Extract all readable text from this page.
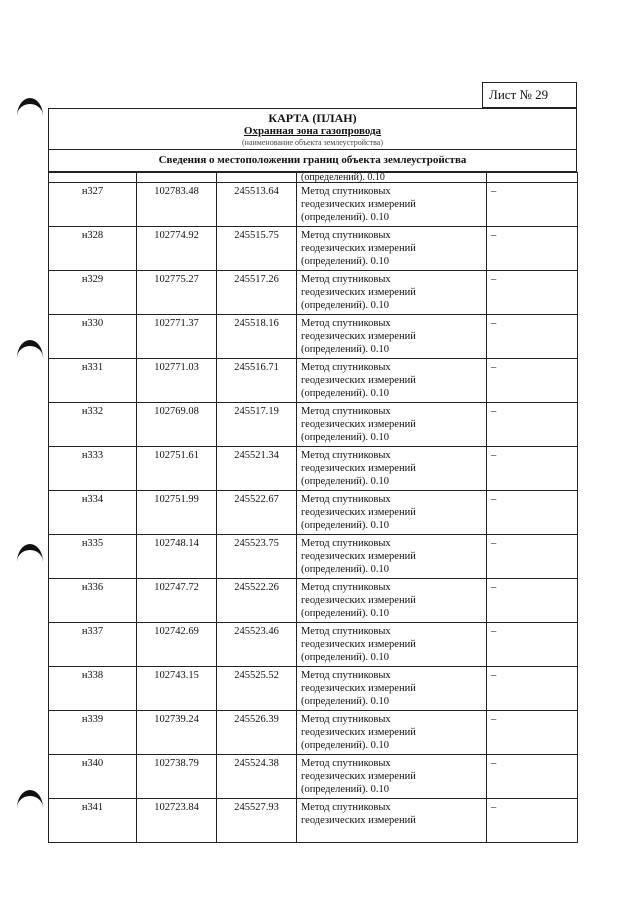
Лист № 29
КАРТА (ПЛАН)
Охранная зона газопровода
(наименование объекта землеустройства)
Сведения о местоположении границ объекта землеустройства
			(определений). 0.10	
н327	102783.48	245513.64	Метод спутниковых
геодезических измерений
(определений). 0.10	–
н328	102774.92	245515.75	Метод спутниковых
геодезических измерений
(определений). 0.10	–
н329	102775.27	245517.26	Метод спутниковых
геодезических измерений
(определений). 0.10	–
н330	102771.37	245518.16	Метод спутниковых
геодезических измерений
(определений). 0.10	–
н331	102771.03	245516.71	Метод спутниковых
геодезических измерений
(определений). 0.10	–
н332	102769.08	245517.19	Метод спутниковых
геодезических измерений
(определений). 0.10	–
н333	102751.61	245521.34	Метод спутниковых
геодезических измерений
(определений). 0.10	–
н334	102751.99	245522.67	Метод спутниковых
геодезических измерений
(определений). 0.10	–
н335	102748.14	245523.75	Метод спутниковых
геодезических измерений
(определений). 0.10	–
н336	102747.72	245522.26	Метод спутниковых
геодезических измерений
(определений). 0.10	–
н337	102742.69	245523.46	Метод спутниковых
геодезических измерений
(определений). 0.10	–
н338	102743.15	245525.52	Метод спутниковых
геодезических измерений
(определений). 0.10	–
н339	102739.24	245526.39	Метод спутниковых
геодезических измерений
(определений). 0.10	–
н340	102738.79	245524.38	Метод спутниковых
геодезических измерений
(определений). 0.10	–
н341	102723.84	245527.93	Метод спутниковых
геодезических измерений	–
